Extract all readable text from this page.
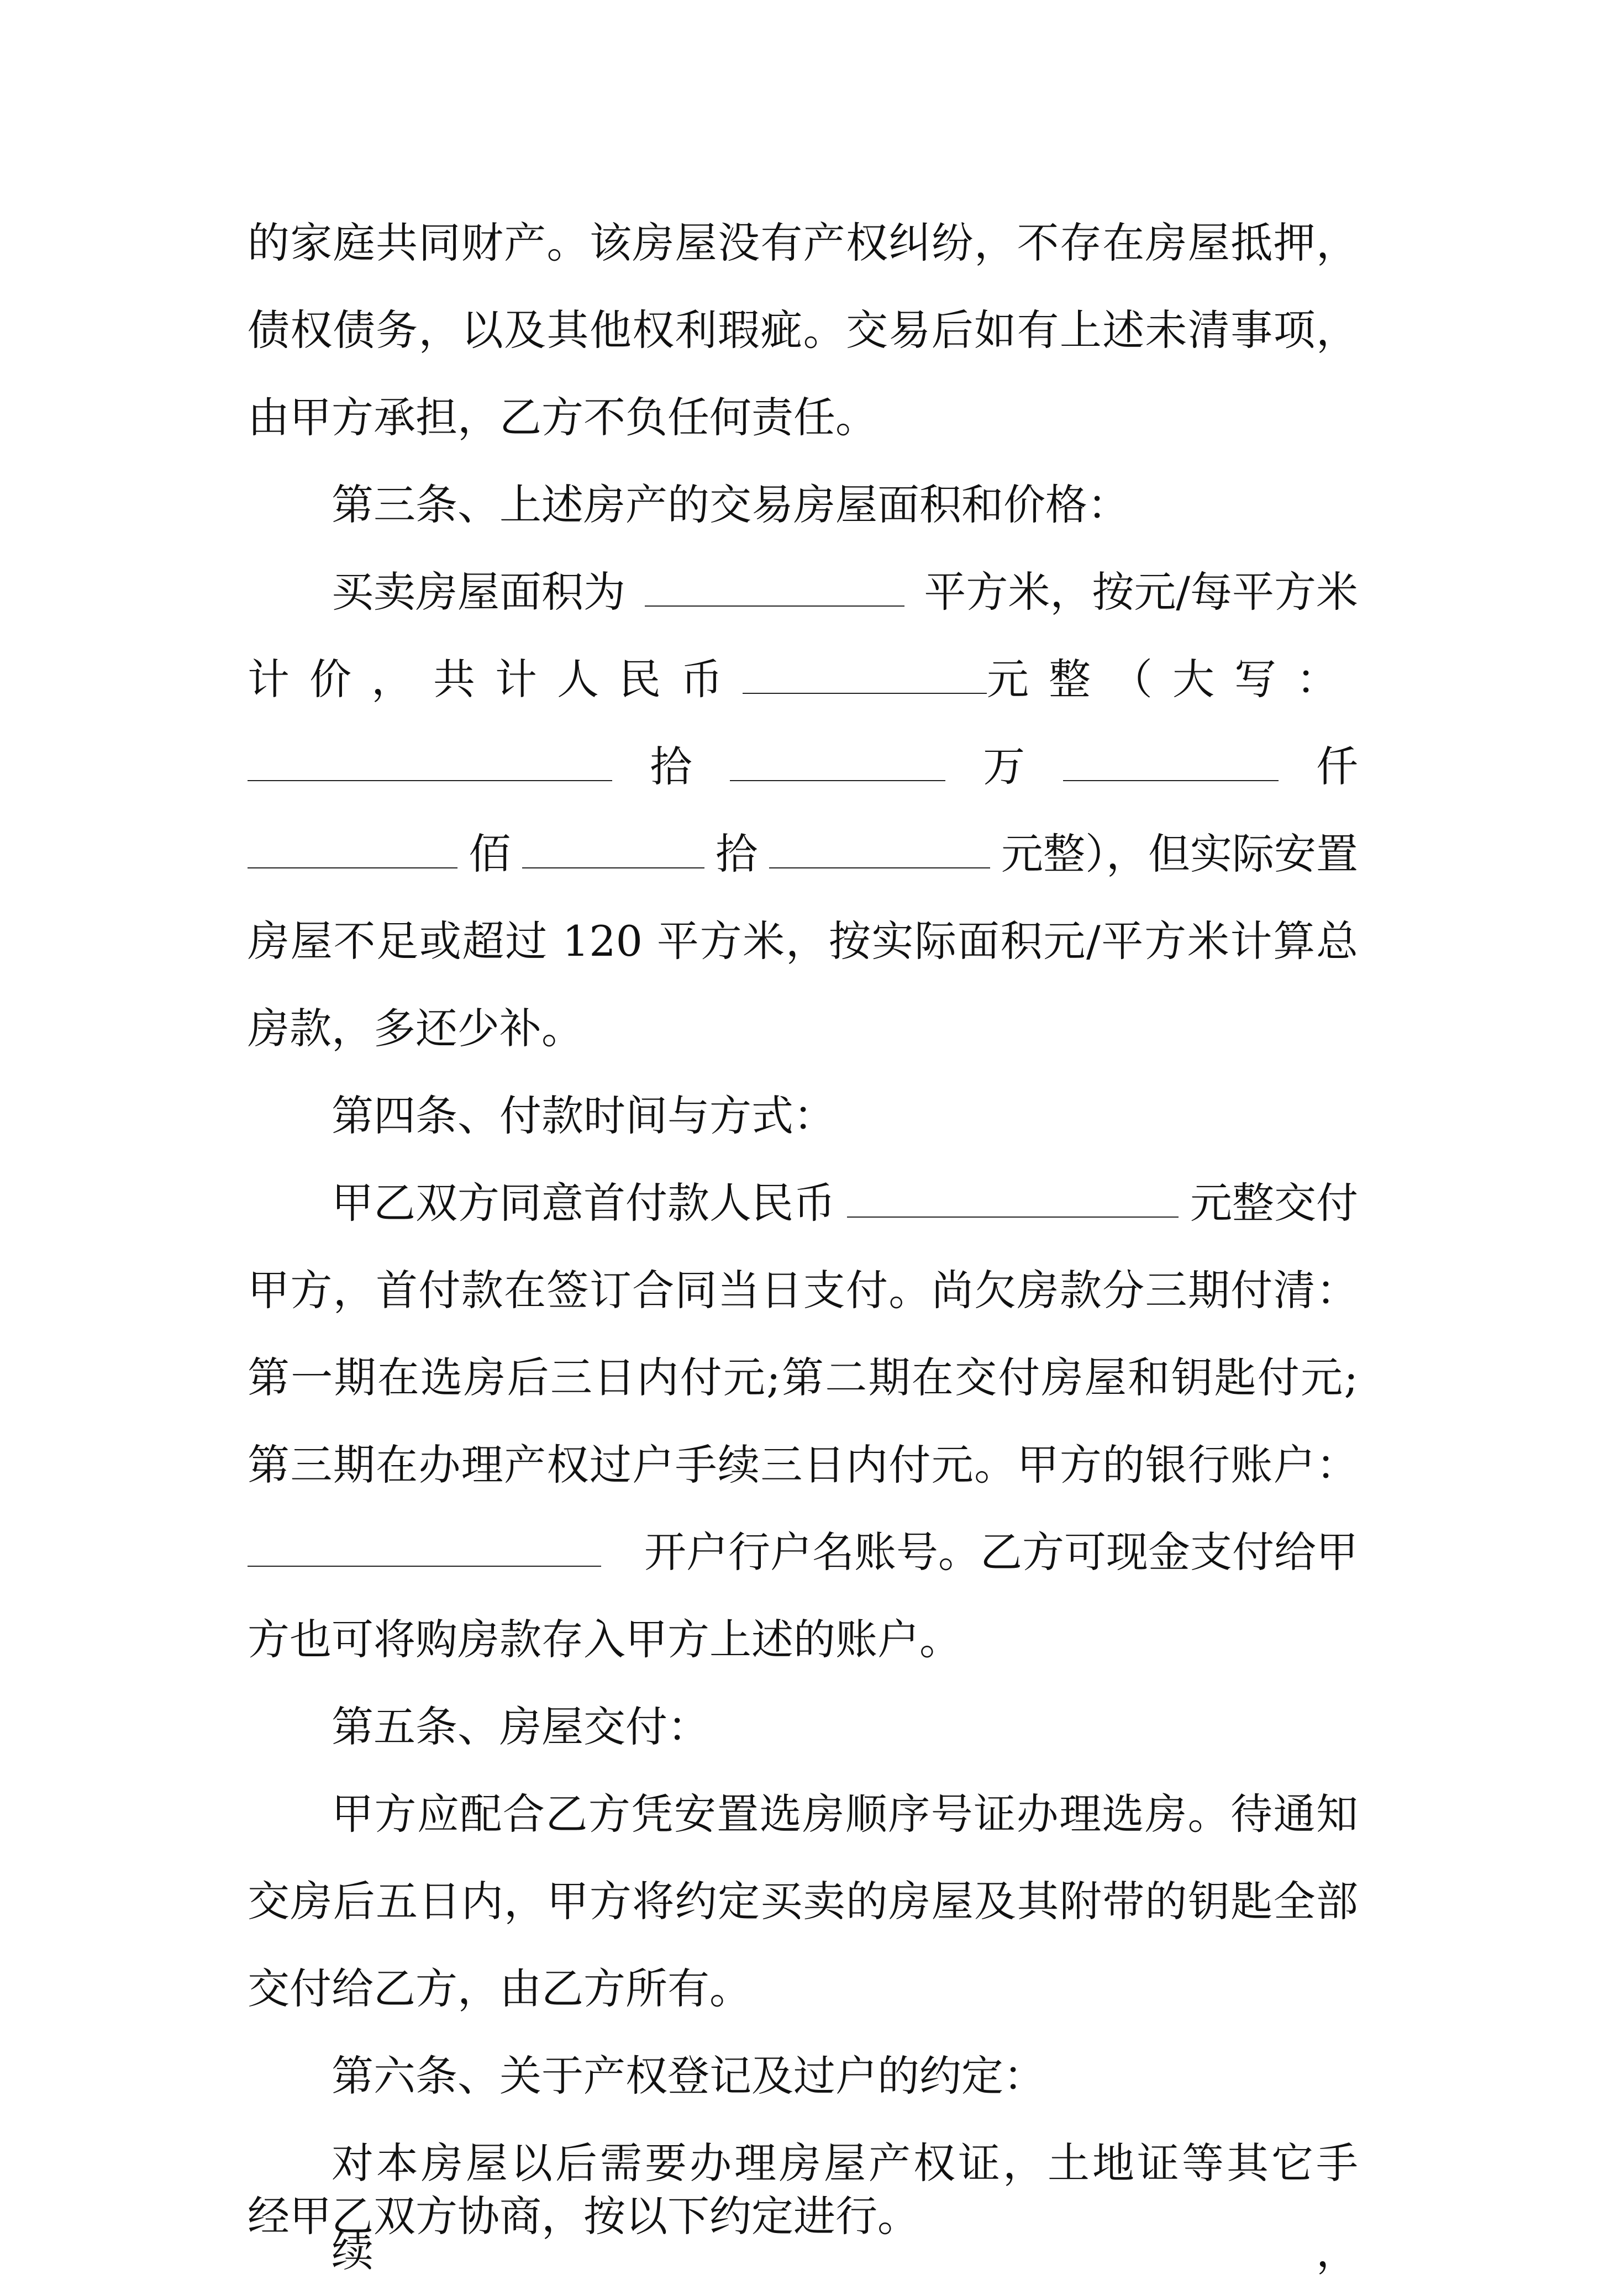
的家庭共同财产。该房屋没有产权纠纷，不存在房屋抵押，
债权债务，以及其他权利瑕疵。交易后如有上述未清事项，
由甲方承担，乙方不负任何责任。
第三条、上述房产的交易房屋面积和价格：
买卖房屋面积为	平方米，按元/每平方米
计价，共计人民币	元整（大写：
拾	万	仟
佰	拾	元整），但实际安置
房屋不足或超过 120 平方米，按实际面积元/平方米计算总
房款，多还少补。
第四条、付款时间与方式：
甲乙双方同意首付款人民币	元整交付
甲方，首付款在签订合同当日支付。尚欠房款分三期付清：
第一期在选房后三日内付元;第二期在交付房屋和钥匙付元;
第三期在办理产权过户手续三日内付元。甲方的银行账户：
开户行户名账号。乙方可现金支付给甲
方也可将购房款存入甲方上述的账户。
第五条、房屋交付：
甲方应配合乙方凭安置选房顺序号证办理选房。待通知
交房后五日内，甲方将约定买卖的房屋及其附带的钥匙全部
交付给乙方，由乙方所有。
第六条、关于产权登记及过户的约定：
对本房屋以后需要办理房屋产权证，土地证等其它手续，
经甲乙双方协商，按以下约定进行。
